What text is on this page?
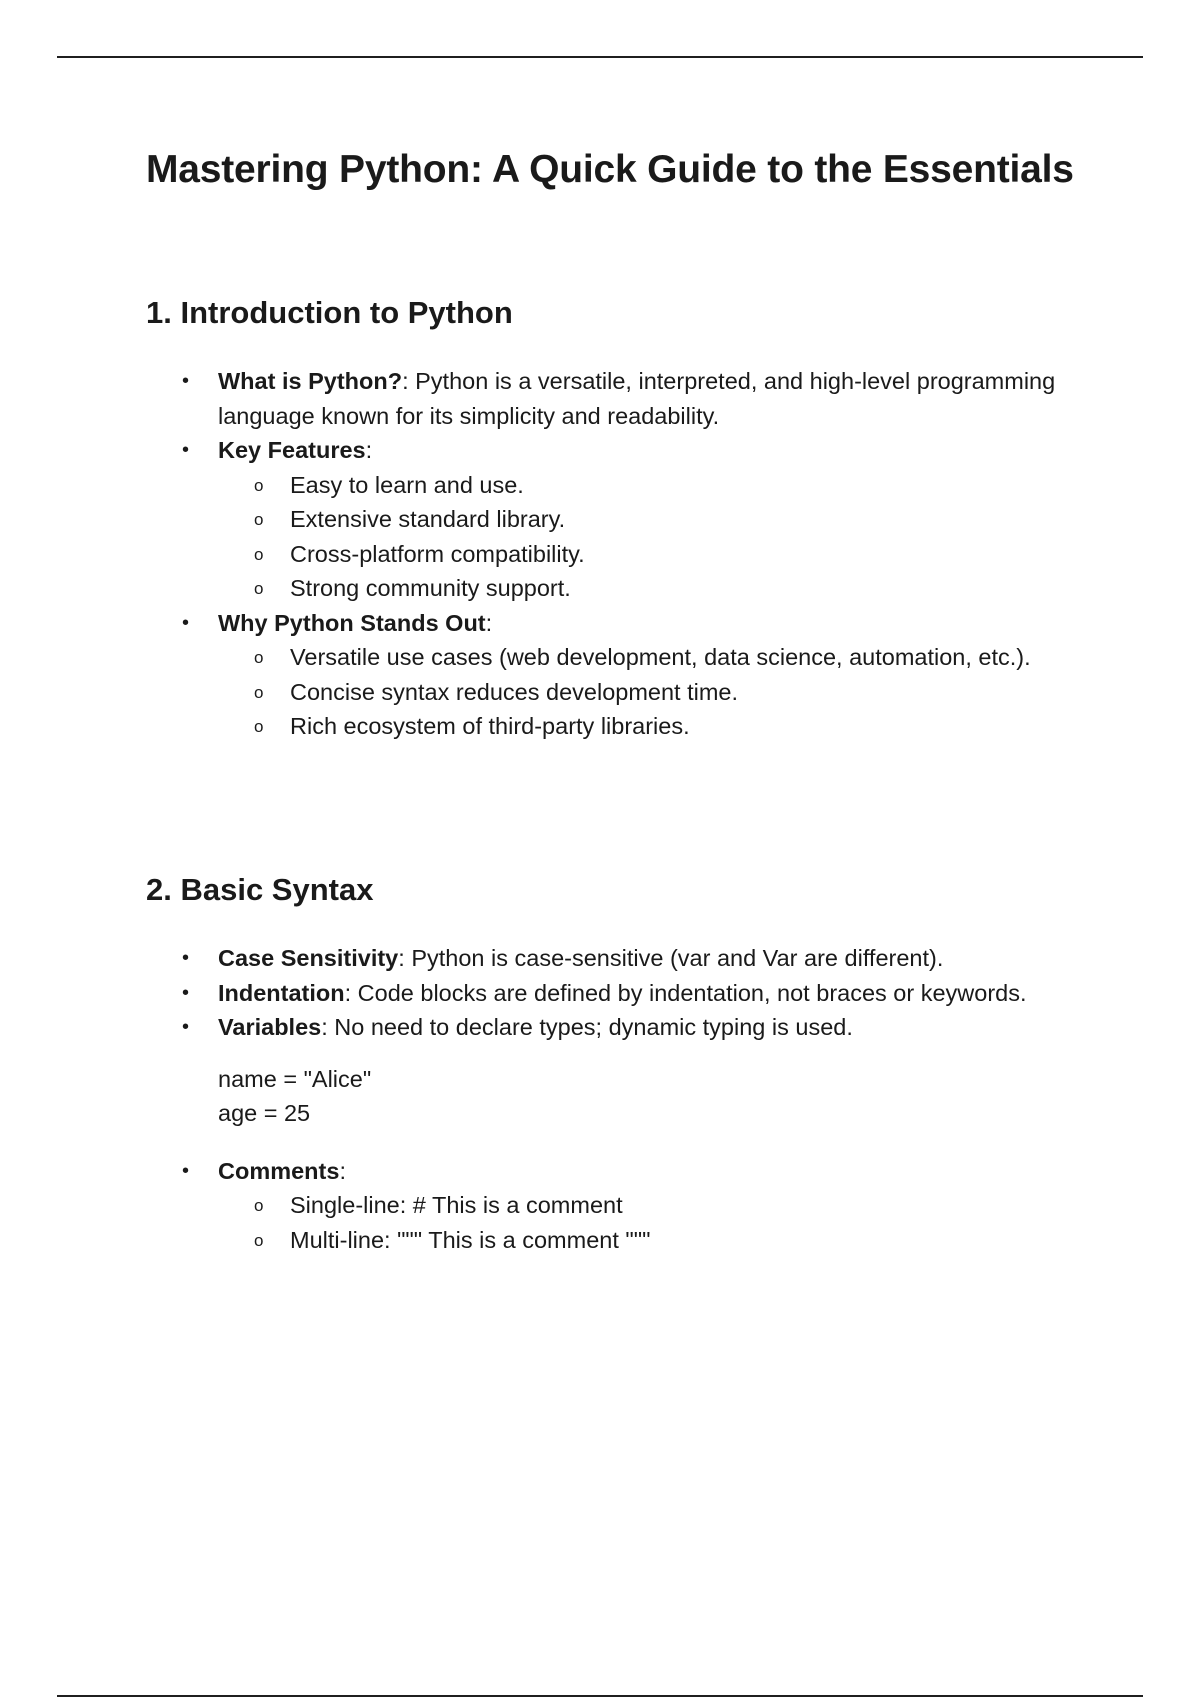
Mastering Python: A Quick Guide to the Essentials
1. Introduction to Python
• What is Python?: Python is a versatile, interpreted, and high-level programming language known for its simplicity and readability.
• Key Features:
o Easy to learn and use.
o Extensive standard library.
o Cross-platform compatibility.
o Strong community support.
• Why Python Stands Out:
o Versatile use cases (web development, data science, automation, etc.).
o Concise syntax reduces development time.
o Rich ecosystem of third-party libraries.
2. Basic Syntax
• Case Sensitivity: Python is case-sensitive (var and Var are different).
• Indentation: Code blocks are defined by indentation, not braces or keywords.
• Variables: No need to declare types; dynamic typing is used.
name = "Alice"
age = 25
• Comments:
o Single-line: # This is a comment
o Multi-line: """ This is a comment """
